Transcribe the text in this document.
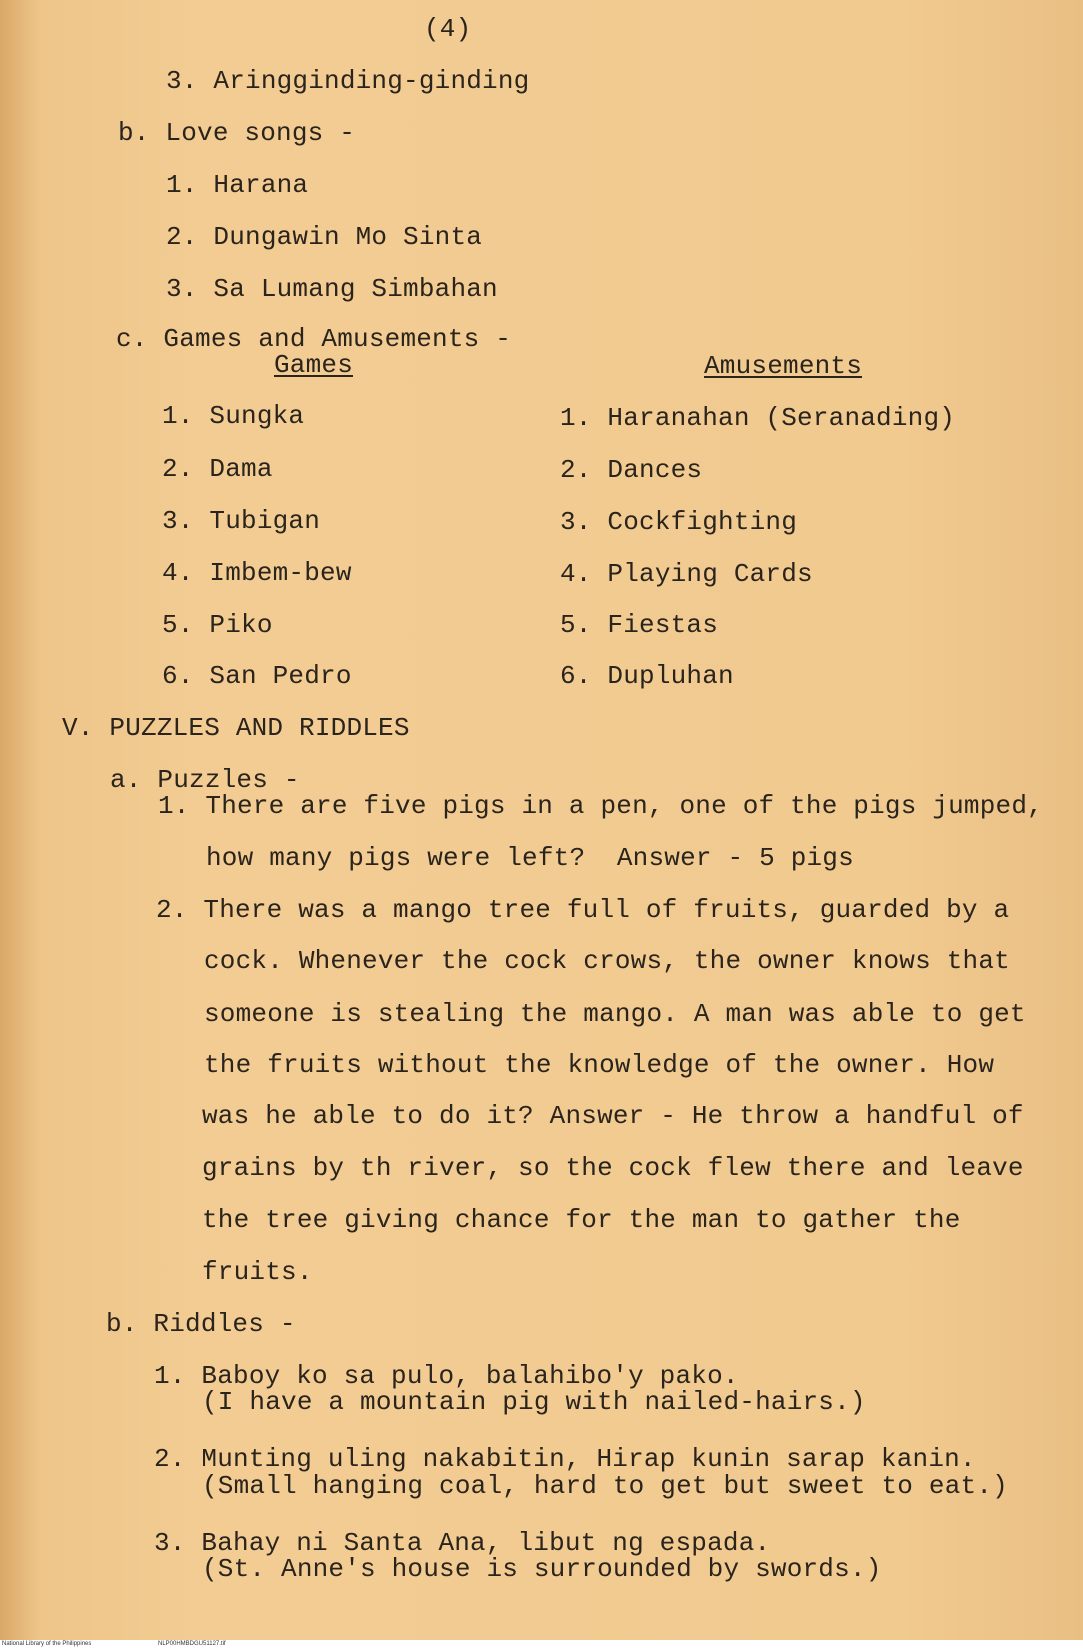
(4)
3. Aringginding-ginding
b. Love songs -
1. Harana
2. Dungawin Mo Sinta
3. Sa Lumang Simbahan
c. Games and Amusements -
Games	Amusements
1. Sungka
2. Dama
3. Tubigan
4. Imbem-bew
5. Piko
6. San Pedro
1. Haranahan (Seranading)
2. Dances
3. Cockfighting
4. Playing Cards
5. Fiestas
6. Dupluhan
V. PUZZLES AND RIDDLES
a. Puzzles -
1. There are five pigs in a pen, one of the pigs jumped,
how many pigs were left?  Answer - 5 pigs
2. There was a mango tree full of fruits, guarded by a
cock. Whenever the cock crows, the owner knows that
someone is stealing the mango. A man was able to get
the fruits without the knowledge of the owner. How
was he able to do it? Answer - He throw a handful of
grains by th river, so the cock flew there and leave
the tree giving chance for the man to gather the
fruits.
b. Riddles -
1. Baboy ko sa pulo, balahibo'y pako.
(I have a mountain pig with nailed-hairs.)
2. Munting uling nakabitin, Hirap kunin sarap kanin.
(Small hanging coal, hard to get but sweet to eat.)
3. Bahay ni Santa Ana, libut ng espada.
(St. Anne's house is surrounded by swords.)
National Library of the Philippines	NLP00HMBDGU51127.tif
